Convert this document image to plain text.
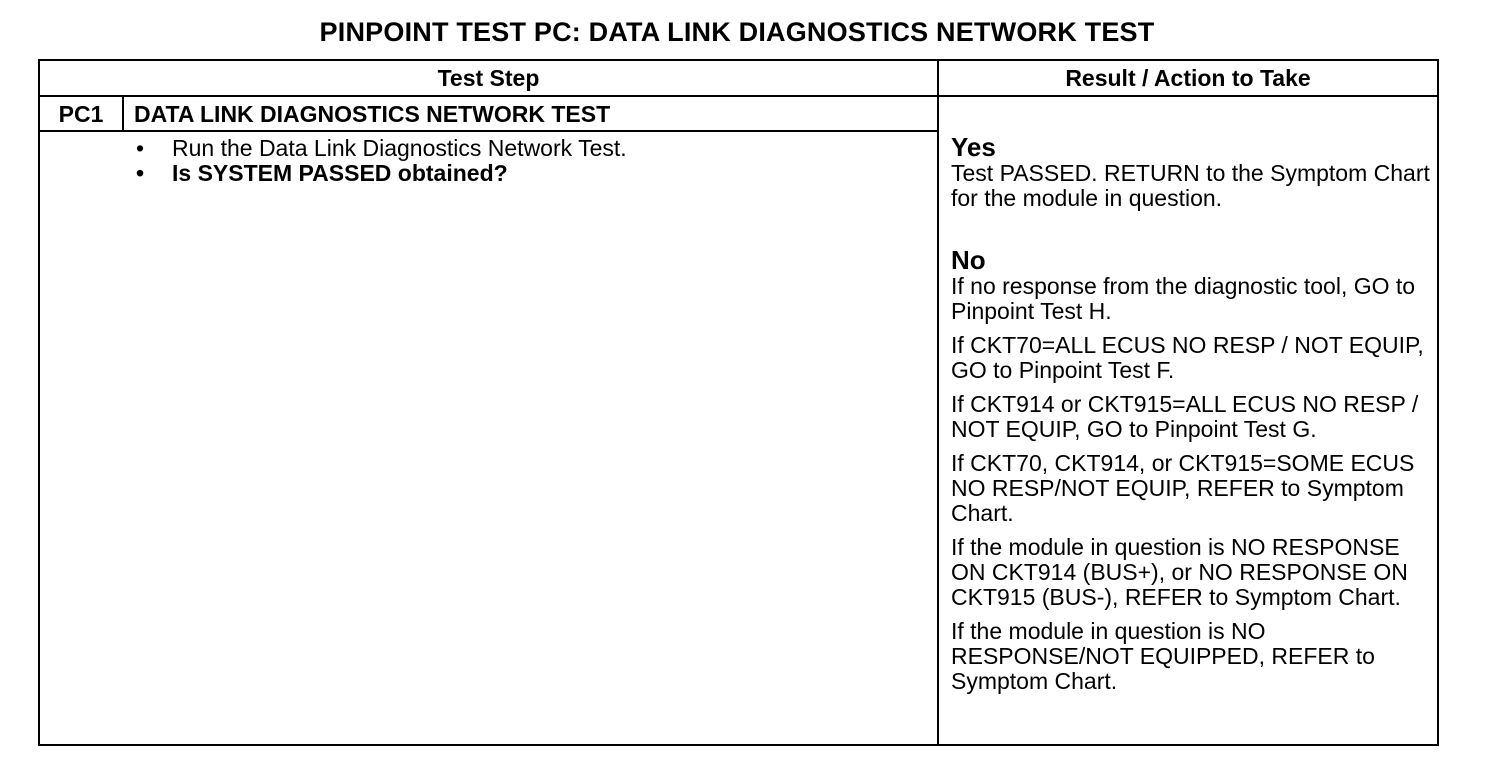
PINPOINT TEST PC: DATA LINK DIAGNOSTICS NETWORK TEST
Test Step	Result / Action to Take
PC1	DATA LINK DIAGNOSTICS NETWORK TEST
• Run the Data Link Diagnostics Network Test.
• Is SYSTEM PASSED obtained?
Yes
Test PASSED. RETURN to the Symptom Chart for the module in question.
No
If no response from the diagnostic tool, GO to Pinpoint Test H.
If CKT70=ALL ECUS NO RESP / NOT EQUIP, GO to Pinpoint Test F.
If CKT914 or CKT915=ALL ECUS NO RESP / NOT EQUIP, GO to Pinpoint Test G.
If CKT70, CKT914, or CKT915=SOME ECUS NO RESP/NOT EQUIP, REFER to Symptom Chart.
If the module in question is NO RESPONSE ON CKT914 (BUS+), or NO RESPONSE ON CKT915 (BUS-), REFER to Symptom Chart.
If the module in question is NO RESPONSE/NOT EQUIPPED, REFER to Symptom Chart.
